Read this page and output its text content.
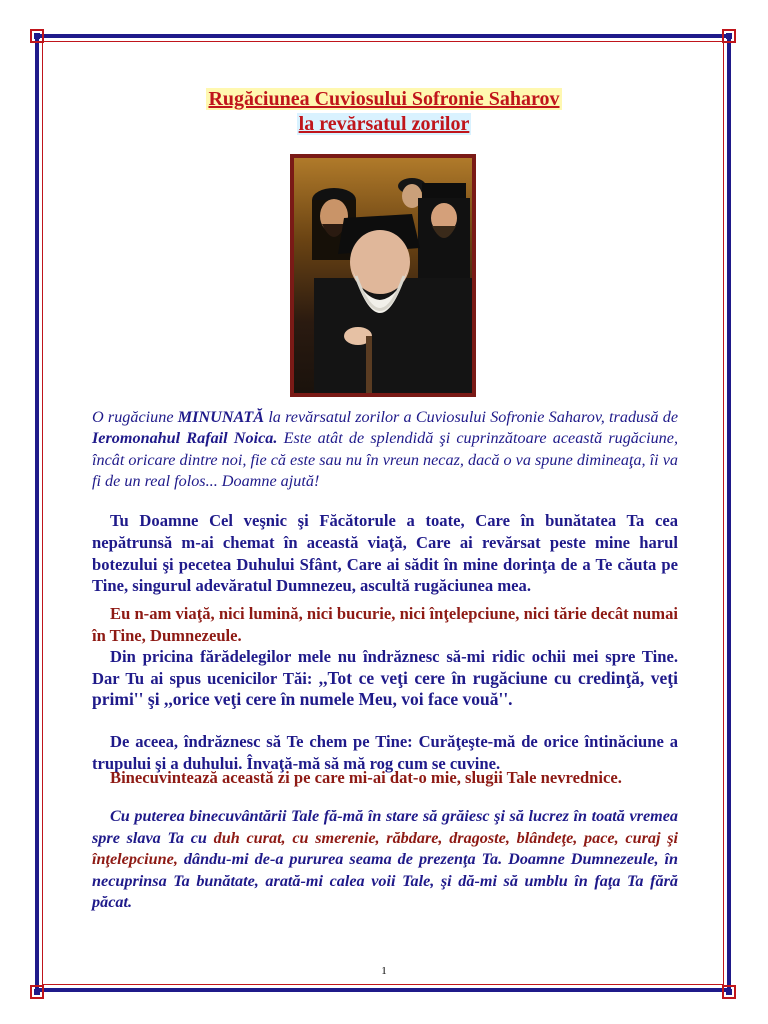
Rugăciunea Cuviosului Sofronie Saharov
la revărsatul zorilor

O rugăciune MINUNATĂ la revărsatul zorilor a Cuviosului Sofronie Saharov, tradusă de Ieromonahul Rafail Noica. Este atât de splendidă şi cuprinzătoare această rugăciune, încât oricare dintre noi, fie că este sau nu în vreun necaz, dacă o va spune dimineaţa, îi va fi de un real folos... Doamne ajută!

Tu Doamne Cel veşnic şi Făcătorule a toate, Care în bunătatea Ta cea nepătrunsă m-ai chemat în această viaţă, Care ai revărsat peste mine harul botezului şi pecetea Duhului Sfânt, Care ai sădit în mine dorinţa de a Te căuta pe Tine, singurul adevăratul Dumnezeu, ascultă rugăciunea mea.

Eu n-am viaţă, nici lumină, nici bucurie, nici înţelepciune, nici tărie decât numai în Tine, Dumnezeule.

Din pricina fărădelegilor mele nu îndrăznesc să-mi ridic ochii mei spre Tine. Dar Tu ai spus ucenicilor Tăi: ,,Tot ce veţi cere în rugăciune cu credinţă, veţi primi'' şi ,,orice veţi cere în numele Meu, voi face vouă''.

De aceea, îndrăznesc să Te chem pe Tine: Curăţeşte-mă de orice întinăciune a trupului şi a duhului. Învaţă-mă să mă rog cum se cuvine.

Binecuvintează această zi pe care mi-ai dat-o mie, slugii Tale nevrednice.

Cu puterea binecuvântării Tale fă-mă în stare să grăiesc şi să lucrez în toată vremea spre slava Ta cu duh curat, cu smerenie, răbdare, dragoste, blândeţe, pace, curaj şi înţelepciune, dându-mi de-a pururea seama de prezenţa Ta. Doamne Dumnezeule, în necuprinsa Ta bunătate, arată-mi calea voii Tale, şi dă-mi să umblu în faţa Ta fără păcat.

1
